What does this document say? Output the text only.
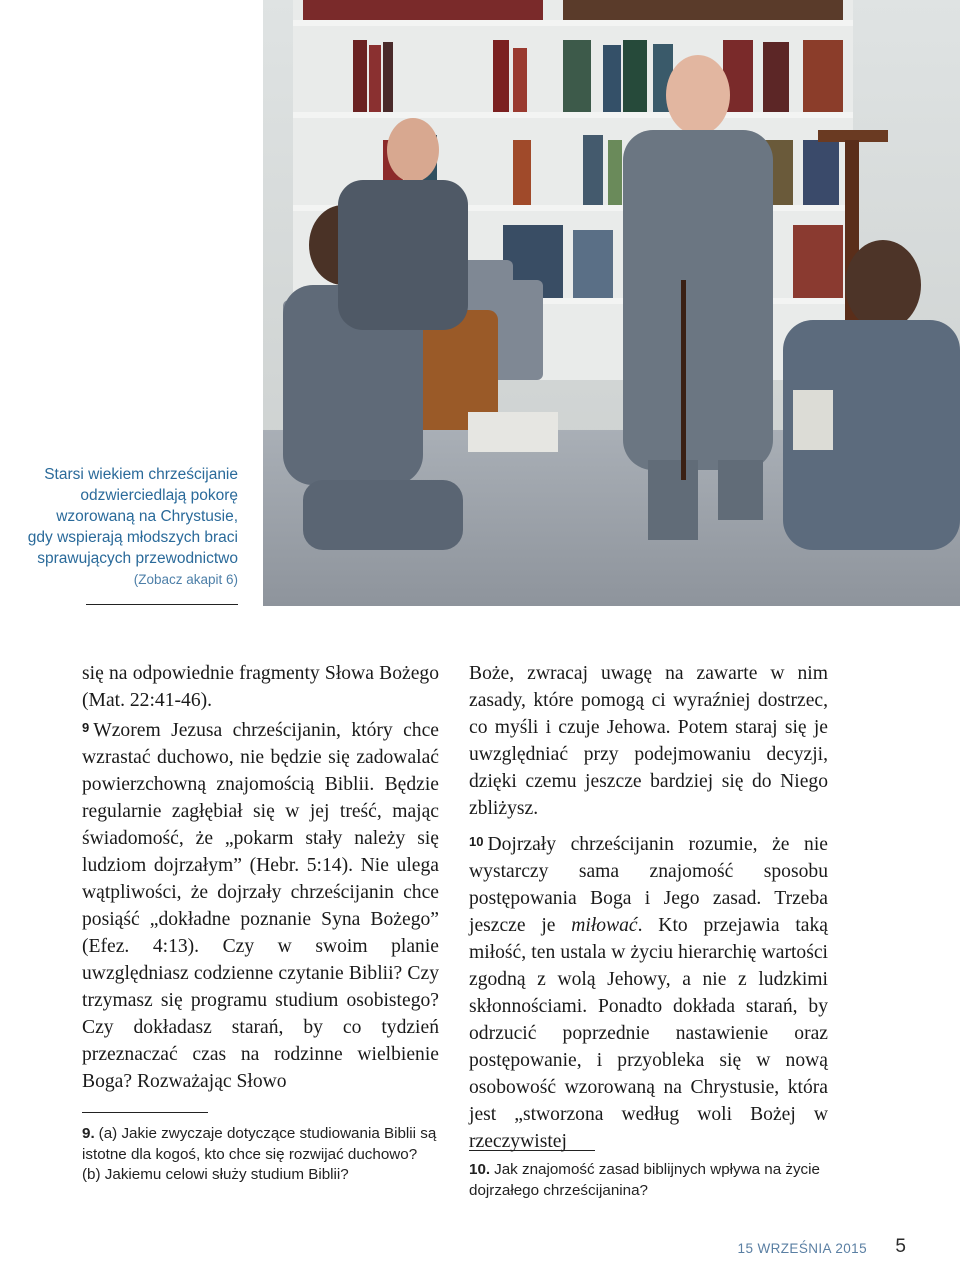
Starsi wiekiem chrześcijanie
odzwierciedlają pokorę
wzorowaną na Chrystusie,
gdy wspierają młodszych braci
sprawujących przewodnictwo
(Zobacz akapit 6)

się na odpowiednie fragmenty Słowa Bożego (Mat. 22:41-46).

$^9$ Wzorem Jezusa chrześcijanin, który chce wzrastać duchowo, nie będzie się zadowalać powierzchowną znajomością Biblii. Będzie regularnie zagłębiał się w jej treść, mając świadomość, że „pokarm stały należy się ludziom dojrzałym” (Hebr. 5:14). Nie ulega wątpliwości, że dojrzały chrześcijanin chce posiąść „dokładne poznanie Syna Bożego” (Efez. 4:13). Czy w swoim planie uwzględniasz codzienne czytanie Biblii? Czy trzymasz się programu studium osobistego? Czy dokładasz starań, by co tydzień przeznaczać czas na rodzinne wielbienie Boga? Rozważając Słowo

9. (a) Jakie zwyczaje dotyczące studiowania Biblii są istotne dla kogoś, kto chce się rozwijać duchowo? (b) Jakiemu celowi służy studium Biblii?

Boże, zwracaj uwagę na zawarte w nim zasady, które pomogą ci wyraźniej dostrzec, co myśli i czuje Jehowa. Potem staraj się je uwzględniać przy podejmowaniu decyzji, dzięki czemu jeszcze bardziej się do Niego zbliżysz.

$^{10}$ Dojrzały chrześcijanin rozumie, że nie wystarczy sama znajomość sposobu postępowania Boga i Jego zasad. Trzeba jeszcze je miłować. Kto przejawia taką miłość, ten ustala w życiu hierarchię wartości zgodną z wolą Jehowy, a nie z ludzkimi skłonnościami. Ponadto dokłada starań, by odrzucić poprzednie nastawienie oraz postępowanie, i przyobleka się w nową osobowość wzorowaną na Chrystusie, która jest „stworzona według woli Bożej w rzeczywistej

10. Jak znajomość zasad biblijnych wpływa na życie dojrzałego chrześcijanina?
15 WRZEŚNIA 2015 5
